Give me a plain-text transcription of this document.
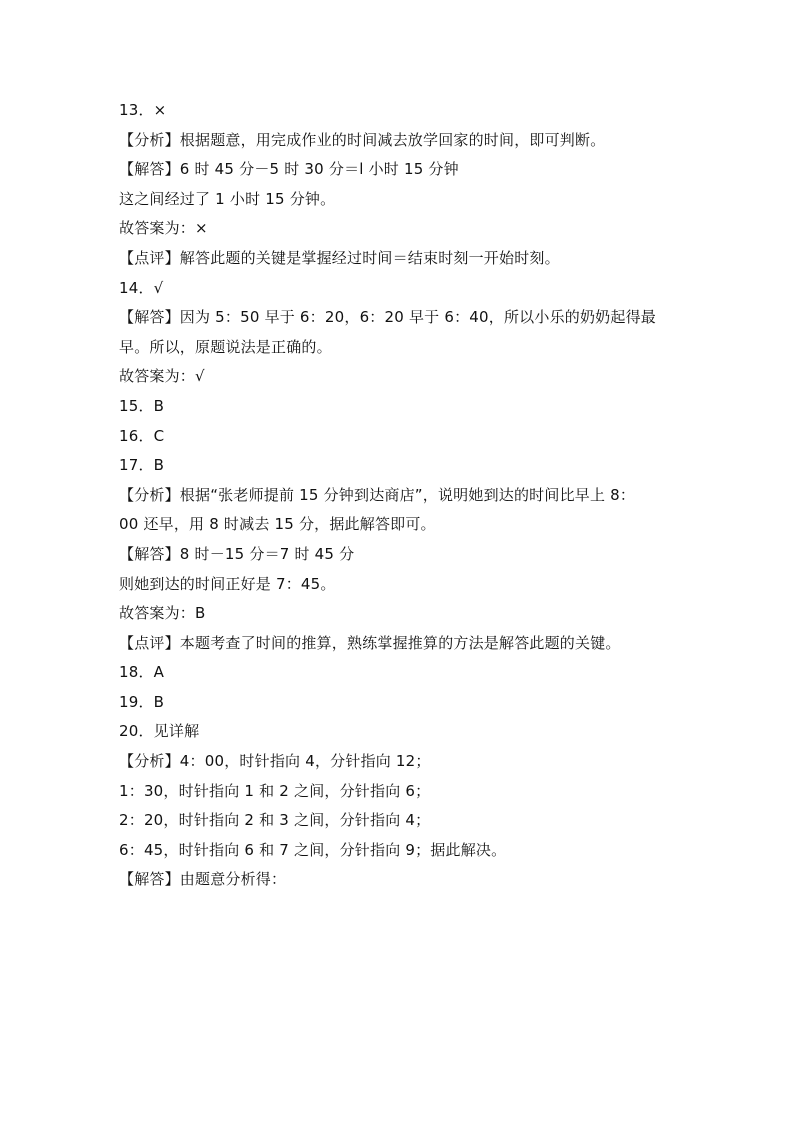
13．×
【分析】根据题意，用完成作业的时间减去放学回家的时间，即可判断。
【解答】6 时 45 分－5 时 30 分＝l 小时 15 分钟
这之间经过了 1 小时 15 分钟。
故答案为：×
【点评】解答此题的关键是掌握经过时间＝结束时刻一开始时刻。
14．√
【解答】因为 5：50 早于 6：20，6：20 早于 6：40，所以小乐的奶奶起得最
早。所以，原题说法是正确的。
故答案为：√
15．B
16．C
17．B
【分析】根据“张老师提前 15 分钟到达商店”，说明她到达的时间比早上 8：
00 还早，用 8 时减去 15 分，据此解答即可。
【解答】8 时－15 分＝7 时 45 分
则她到达的时间正好是 7：45。
故答案为：B
【点评】本题考查了时间的推算，熟练掌握推算的方法是解答此题的关键。
18．A
19．B
20．见详解
【分析】4：00，时针指向 4，分针指向 12；
1：30，时针指向 1 和 2 之间，分针指向 6；
2：20，时针指向 2 和 3 之间，分针指向 4；
6：45，时针指向 6 和 7 之间，分针指向 9；据此解决。
【解答】由题意分析得：
